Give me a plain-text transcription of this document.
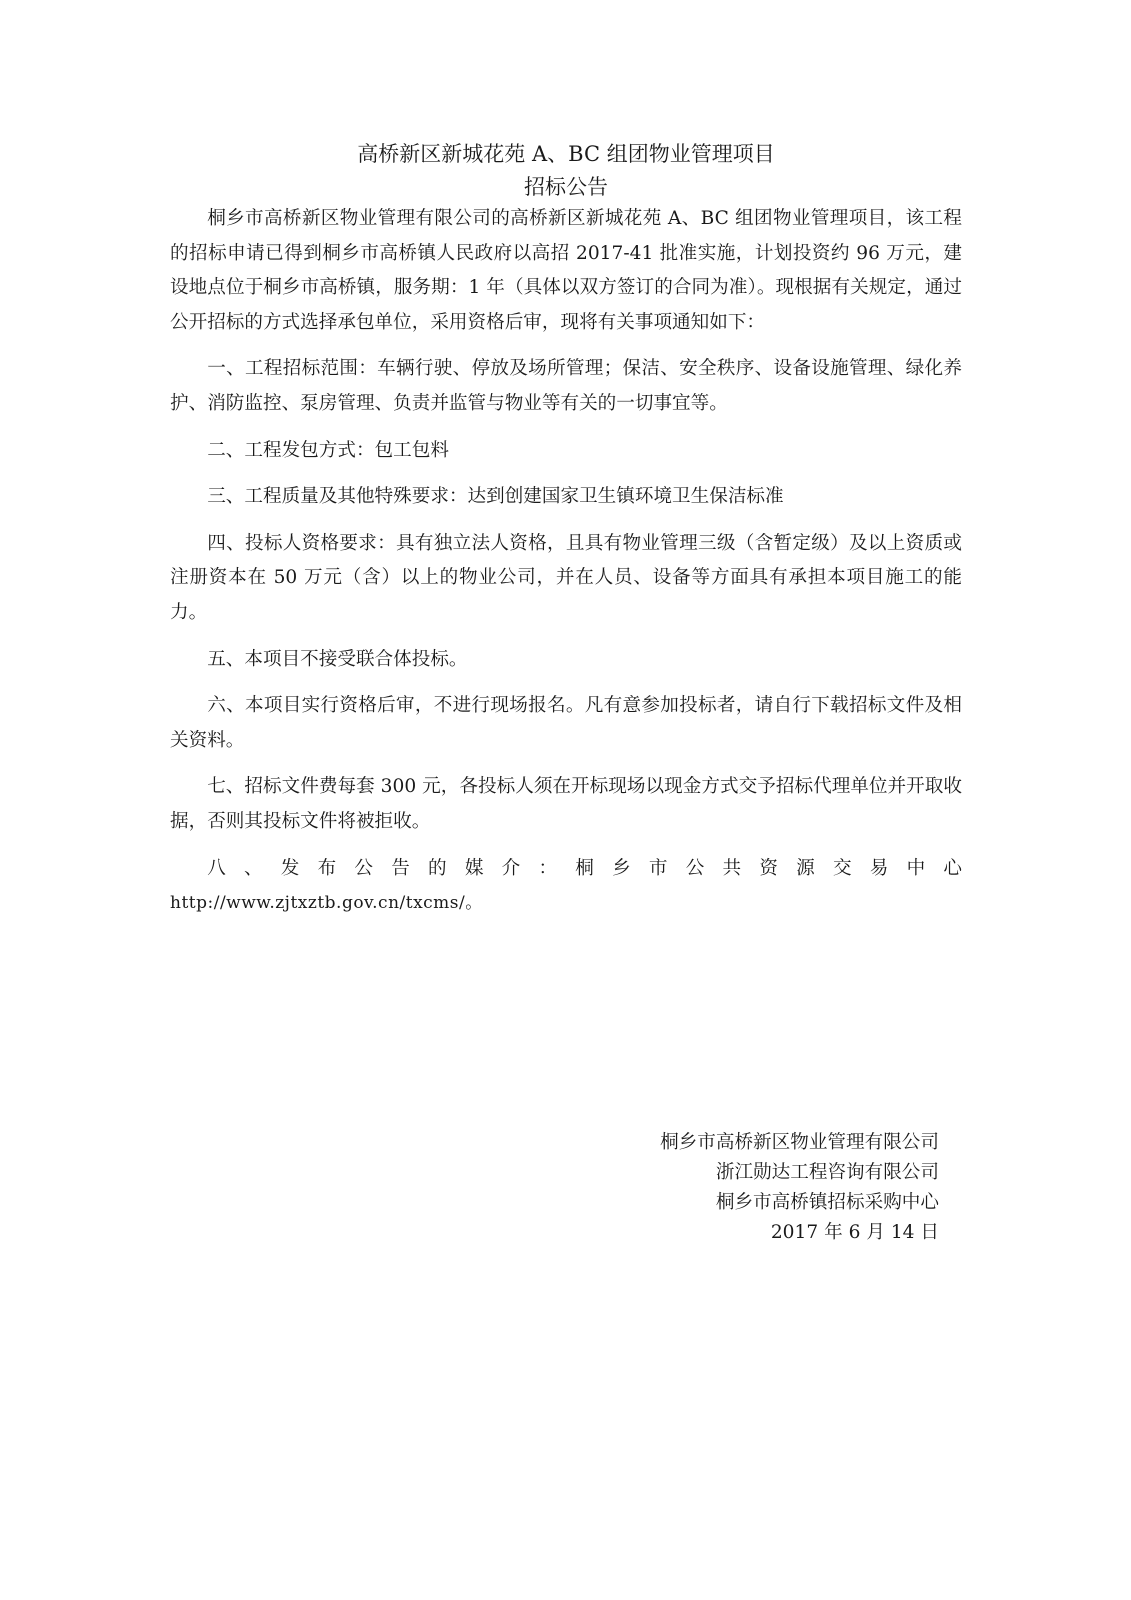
高桥新区新城花苑 A、BC 组团物业管理项目
招标公告

桐乡市高桥新区物业管理有限公司的高桥新区新城花苑 A、BC 组团物业管理项目，该工程的招标申请已得到桐乡市高桥镇人民政府以高招 2017-41 批准实施，计划投资约 96 万元，建设地点位于桐乡市高桥镇，服务期：1 年（具体以双方签订的合同为准）。现根据有关规定，通过公开招标的方式选择承包单位，采用资格后审，现将有关事项通知如下：

一、工程招标范围：车辆行驶、停放及场所管理；保洁、安全秩序、设备设施管理、绿化养护、消防监控、泵房管理、负责并监管与物业等有关的一切事宜等。

二、工程发包方式：包工包料

三、工程质量及其他特殊要求：达到创建国家卫生镇环境卫生保洁标准

四、投标人资格要求：具有独立法人资格，且具有物业管理三级（含暂定级）及以上资质或注册资本在 50 万元（含）以上的物业公司，并在人员、设备等方面具有承担本项目施工的能力。

五、本项目不接受联合体投标。

六、本项目实行资格后审，不进行现场报名。凡有意参加投标者，请自行下载招标文件及相关资料。

七、招标文件费每套 300 元，各投标人须在开标现场以现金方式交予招标代理单位并开取收据，否则其投标文件将被拒收。

八、发布公告的媒介：桐乡市公共资源交易中心

http://www.zjtxztb.gov.cn/txcms/。

桐乡市高桥新区物业管理有限公司
浙江勋达工程咨询有限公司
桐乡市高桥镇招标采购中心
2017 年 6 月 14 日
